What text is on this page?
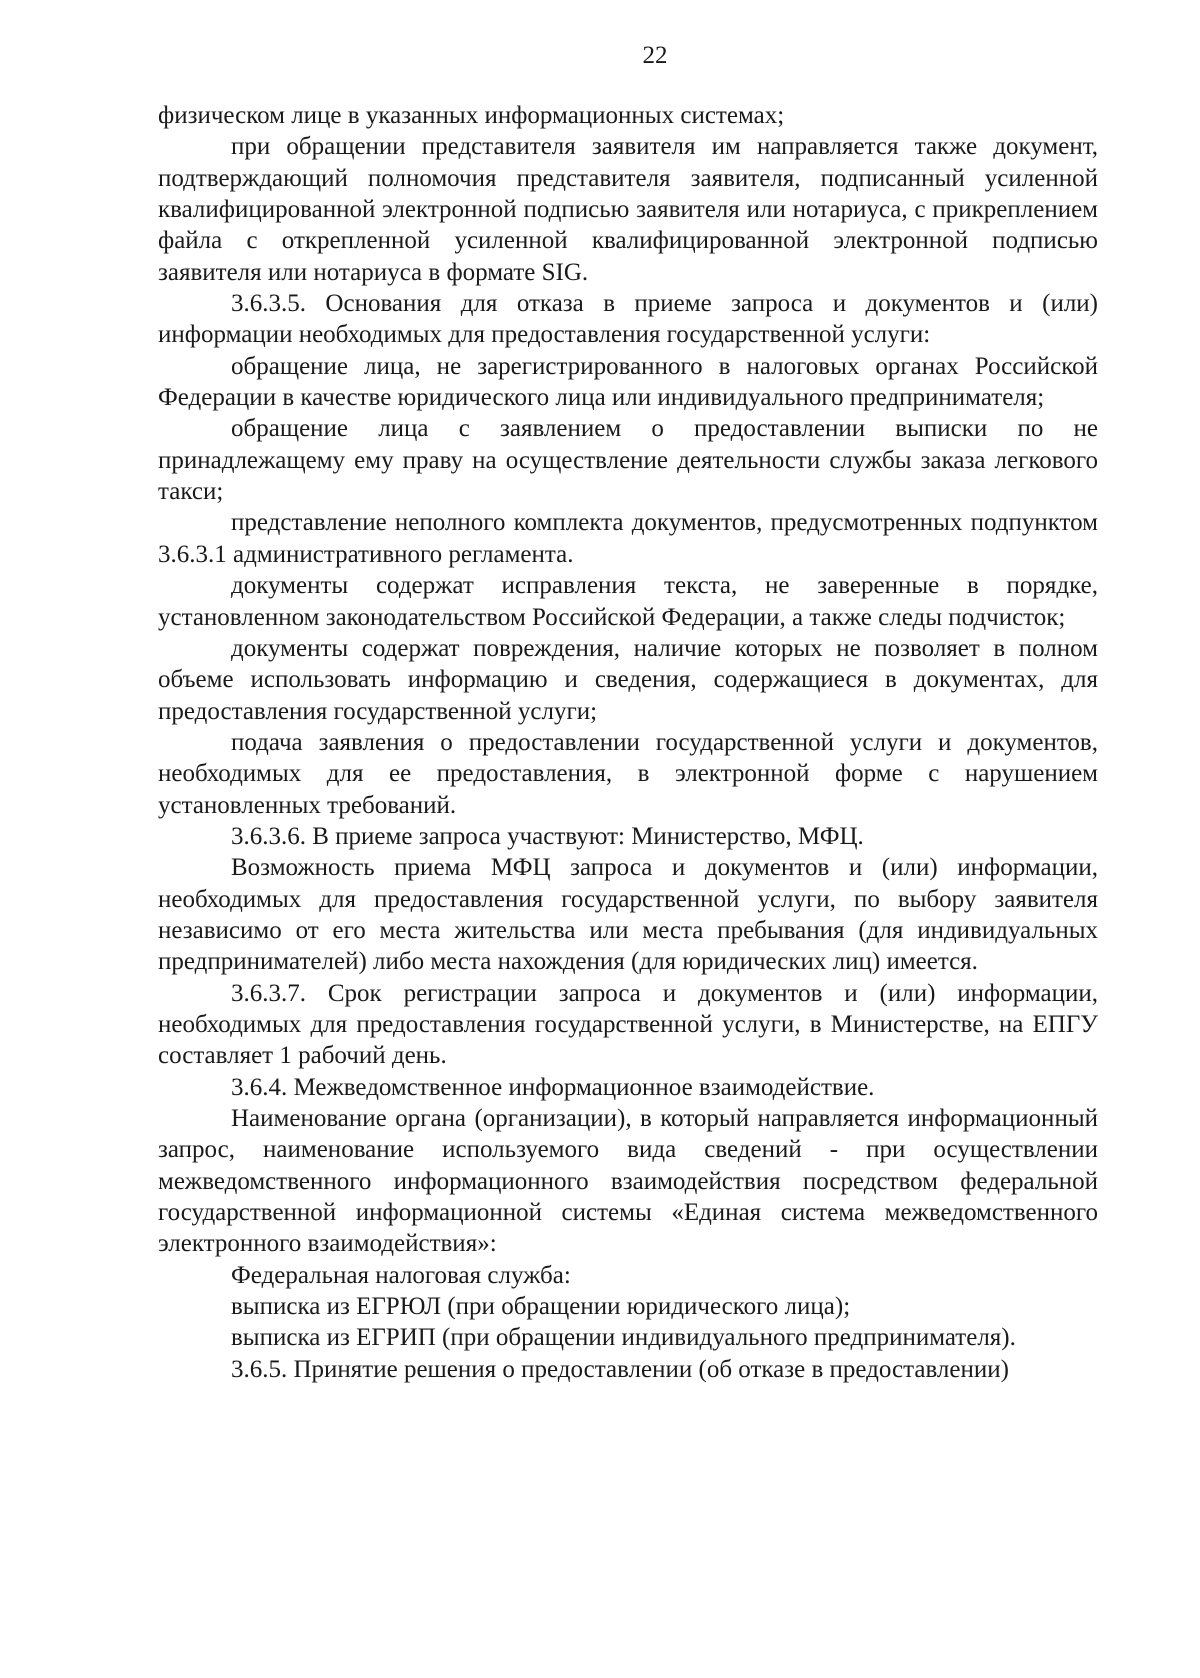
22

физическом лице в указанных информационных системах;

при обращении представителя заявителя им направляется также документ, подтверждающий полномочия представителя заявителя, подписанный усиленной квалифицированной электронной подписью заявителя или нотариуса, с прикреплением файла с открепленной усиленной квалифицированной электронной подписью заявителя или нотариуса в формате SIG.

3.6.3.5. Основания для отказа в приеме запроса и документов и (или) информации необходимых для предоставления государственной услуги:

обращение лица, не зарегистрированного в налоговых органах Российской Федерации в качестве юридического лица или индивидуального предпринимателя;

обращение лица с заявлением о предоставлении выписки по не принадлежащему ему праву на осуществление деятельности службы заказа легкового такси;

представление неполного комплекта документов, предусмотренных подпунктом 3.6.3.1 административного регламента.

документы содержат исправления текста, не заверенные в порядке, установленном законодательством Российской Федерации, а также следы подчисток;

документы содержат повреждения, наличие которых не позволяет в полном объеме использовать информацию и сведения, содержащиеся в документах, для предоставления государственной услуги;

подача заявления о предоставлении государственной услуги и документов, необходимых для ее предоставления, в электронной форме с нарушением установленных требований.

3.6.3.6. В приеме запроса участвуют: Министерство, МФЦ.

Возможность приема МФЦ запроса и документов и (или) информации, необходимых для предоставления государственной услуги, по выбору заявителя независимо от его места жительства или места пребывания (для индивидуальных предпринимателей) либо места нахождения (для юридических лиц) имеется.

3.6.3.7. Срок регистрации запроса и документов и (или) информации, необходимых для предоставления государственной услуги, в Министерстве, на ЕПГУ составляет 1 рабочий день.

3.6.4. Межведомственное информационное взаимодействие.

Наименование органа (организации), в который направляется информационный запрос, наименование используемого вида сведений - при осуществлении межведомственного информационного взаимодействия посредством федеральной государственной информационной системы «Единая система межведомственного электронного взаимодействия»:

Федеральная налоговая служба:

выписка из ЕГРЮЛ (при обращении юридического лица);

выписка из ЕГРИП (при обращении индивидуального предпринимателя).

3.6.5. Принятие решения о предоставлении (об отказе в предоставлении)
